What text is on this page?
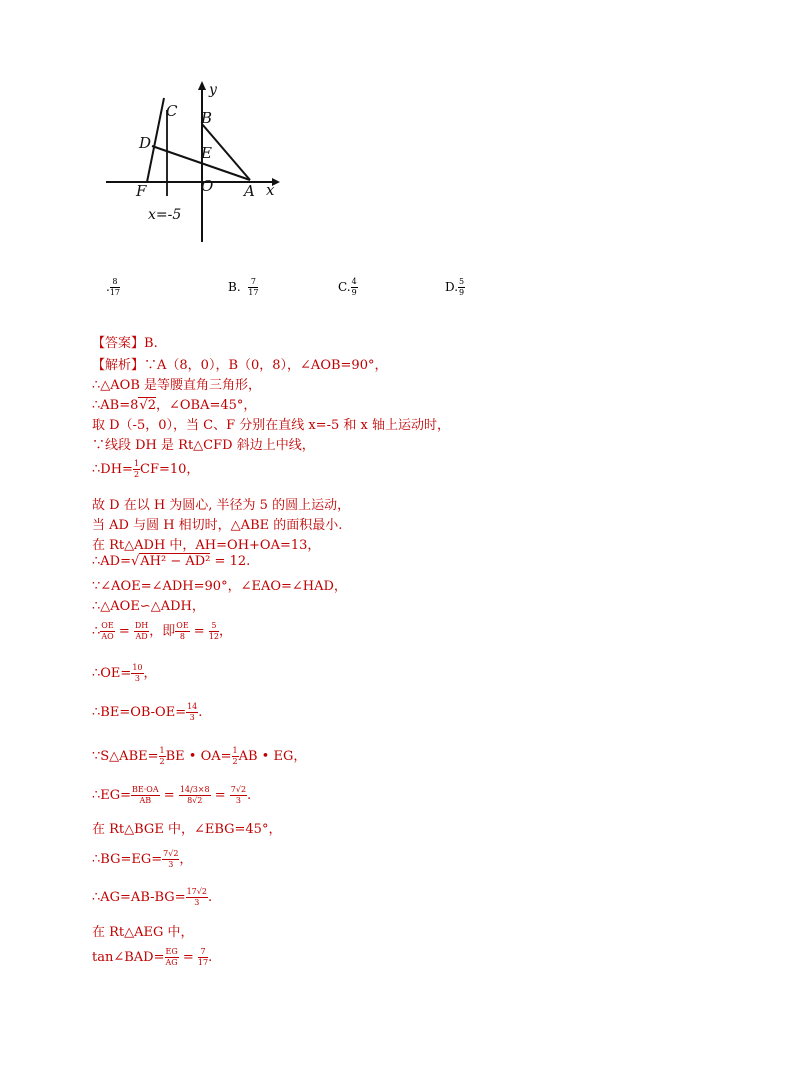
y
C B
D
E
F	O A x
x=-5
. $\frac{8}{17}$	B. $\frac{7}{17}$	C. $\frac{4}{9}$	D. $\frac{5}{9}$
【答案】B.
【解析】∵A（8，0），B（0，8），∠AOB=90°，
∴△AOB 是等腰直角三角形，
∴AB=8√2，∠OBA=45°，
取 D（-5，0），当 C、F 分别在直线 x=-5 和 x 轴上运动时，
∵线段 DH 是 Rt△CFD 斜边上中线，
∴DH= $\frac{1}{2} CF=10$，
故 D 在以 H 为圆心, 半径为 5 的圆上运动，
当 AD 与圆 H 相切时，△ABE 的面积最小.
在 Rt△ADH 中，AH=OH+OA=13，
∴AD=√AH² − AD² = 12.
∵∠AOE=∠ADH=90°，∠EAO=∠HAD，
∴△AOE∽△ADH，
∴ $\frac{OE}{AO} = \frac{DH}{AD}$ ，即 $\frac{OE}{8} = \frac{5}{12}$ ，
∴OE= $\frac{10}{3}$ ，
∴BE=OB-OE= $\frac{14}{3}$ .
∵S△ABE= $\frac{1}{2}$ BE • $OA= \frac{1}{2}$ AB • EG，
∴EG= $\frac{BE\cdot OA}{AB} = \frac{14/3\times 8}{8√2} = \frac{7√2}{3}$ .
在 Rt△BGE 中，∠EBG=45°，
∴BG=EG= $\frac{7√2}{3}$ ，
∴AG=AB-BG= $\frac{17√2}{3}$ .
在 Rt△AEG 中，
tan∠BAD= $\frac{EG}{AG} = \frac{7}{17}$ .
